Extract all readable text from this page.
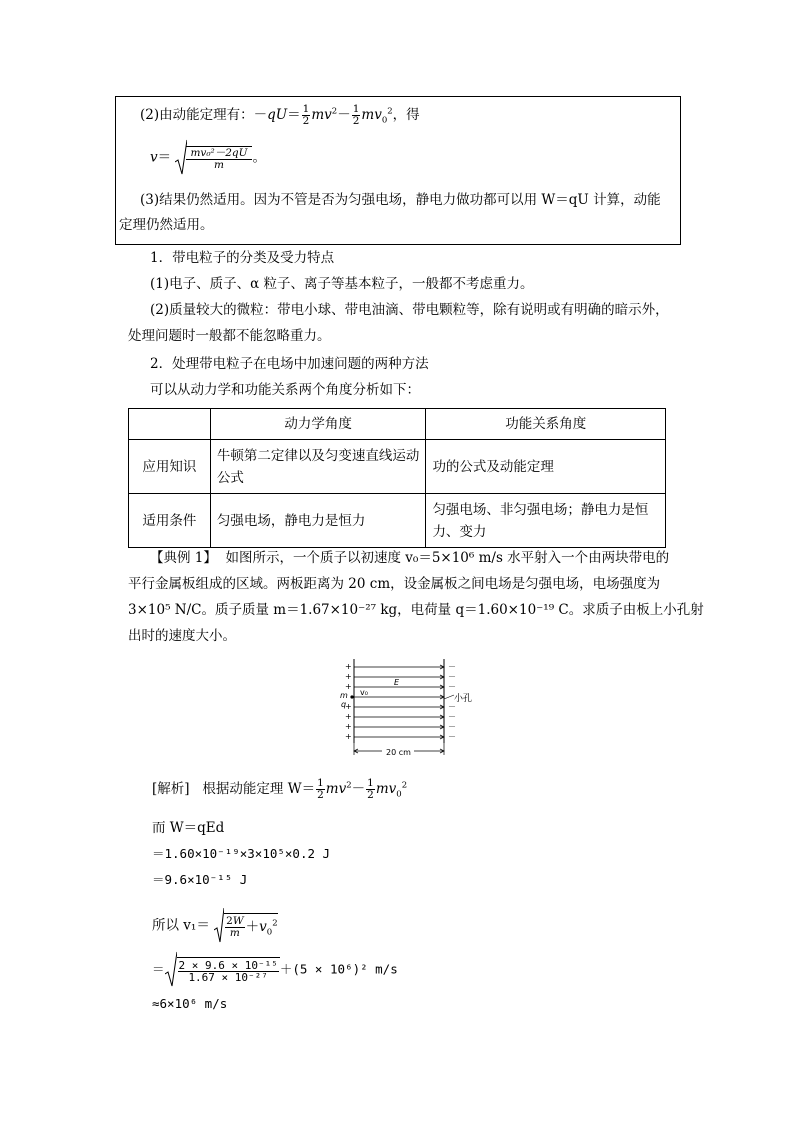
(2)由动能定理有：$-qU= \frac{1}{2} mv^2- \frac{1}{2} mv_0^2$，得
$v= \frac{\text{mv₀²－2qU}}{m}$ 。
(3)结果仍然适用。因为不管是否为匀强电场，静电力做功都可以用 W＝qU 计算，动能
定理仍然适用。
1．带电粒子的分类及受力特点
(1)电子、质子、α 粒子、离子等基本粒子，一般都不考虑重力。
(2)质量较大的微粒：带电小球、带电油滴、带电颗粒等，除有说明或有明确的暗示外，
处理问题时一般都不能忽略重力。
2．处理带电粒子在电场中加速问题的两种方法
可以从动力学和功能关系两个角度分析如下：
	动力学角度	功能关系角度
应用知识	牛顿第二定律以及匀变速直线运动公式	功的公式及动能定理
适用条件	匀强电场，静电力是恒力	匀强电场、非匀强电场；静电力是恒力、变力
【典例 1】 如图所示，一个质子以初速度 v₀＝5×10⁶ m/s 水平射入一个由两块带电的
平行金属板组成的区域。两板距离为 20 cm，设金属板之间电场是匀强电场，电场强度为
3×10⁵ N/C。质子质量 m＝1.67×10⁻²⁷ kg，电荷量 q＝1.60×10⁻¹⁹ C。求质子由板上小孔射
出时的速度大小。
+
+
+
+
+
+
+
－
－
－
－
－
－
－
E
v₀
m
q
小孔
20 cm
[解析] 根据动能定理 $W= \frac{1}{2} mv^2- \frac{1}{2} mv_0^2$
而 W＝qEd
＝1.60×10⁻¹⁹×3×10⁵×0.2 J
＝9.6×10⁻¹⁵ J
所以 $v_1= \frac{2W}{m} +v_0^2$
＝ $\frac{\text{2 × 9.6 × 10⁻¹⁵}}{\text{1.67 × 10⁻²⁷}} +(5 \times 10^6)^2$ m/s
≈6×10⁶ m/s
